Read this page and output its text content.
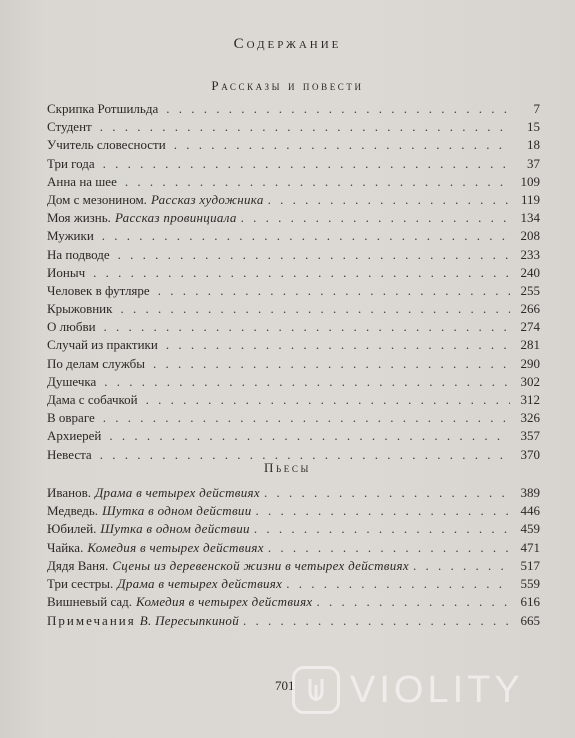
Содержание
Рассказы и повести
Скрипка Ротшильда . . .	7
Студент . . .	15
Учитель словесности . . .	18
Три года . . .	37
Анна на шее . . .	109
Дом с мезонином. Рассказ художника . . .	119
Моя жизнь. Рассказ провинциала . . .	134
Мужики . . .	208
На подводе . . .	233
Ионыч . . .	240
Человек в футляре . . .	255
Крыжовник . . .	266
О любви . . .	274
Случай из практики . . .	281
По делам службы . . .	290
Душечка . . .	302
Дама с собачкой . . .	312
В овраге . . .	326
Архиерей . . .	357
Невеста . . .	370
Пьесы
Иванов. Драма в четырех действиях . . .	389
Медведь. Шутка в одном действии . . .	446
Юбилей. Шутка в одном действии . . .	459
Чайка. Комедия в четырех действиях . . .	471
Дядя Ваня. Сцены из деревенской жизни в четырех действиях . . .	517
Три сестры. Драма в четырех действиях . . .	559
Вишневый сад. Комедия в четырех действиях . . .	616
Примечания В. Пересыпкиной . . .	665
701 VIOLITY
